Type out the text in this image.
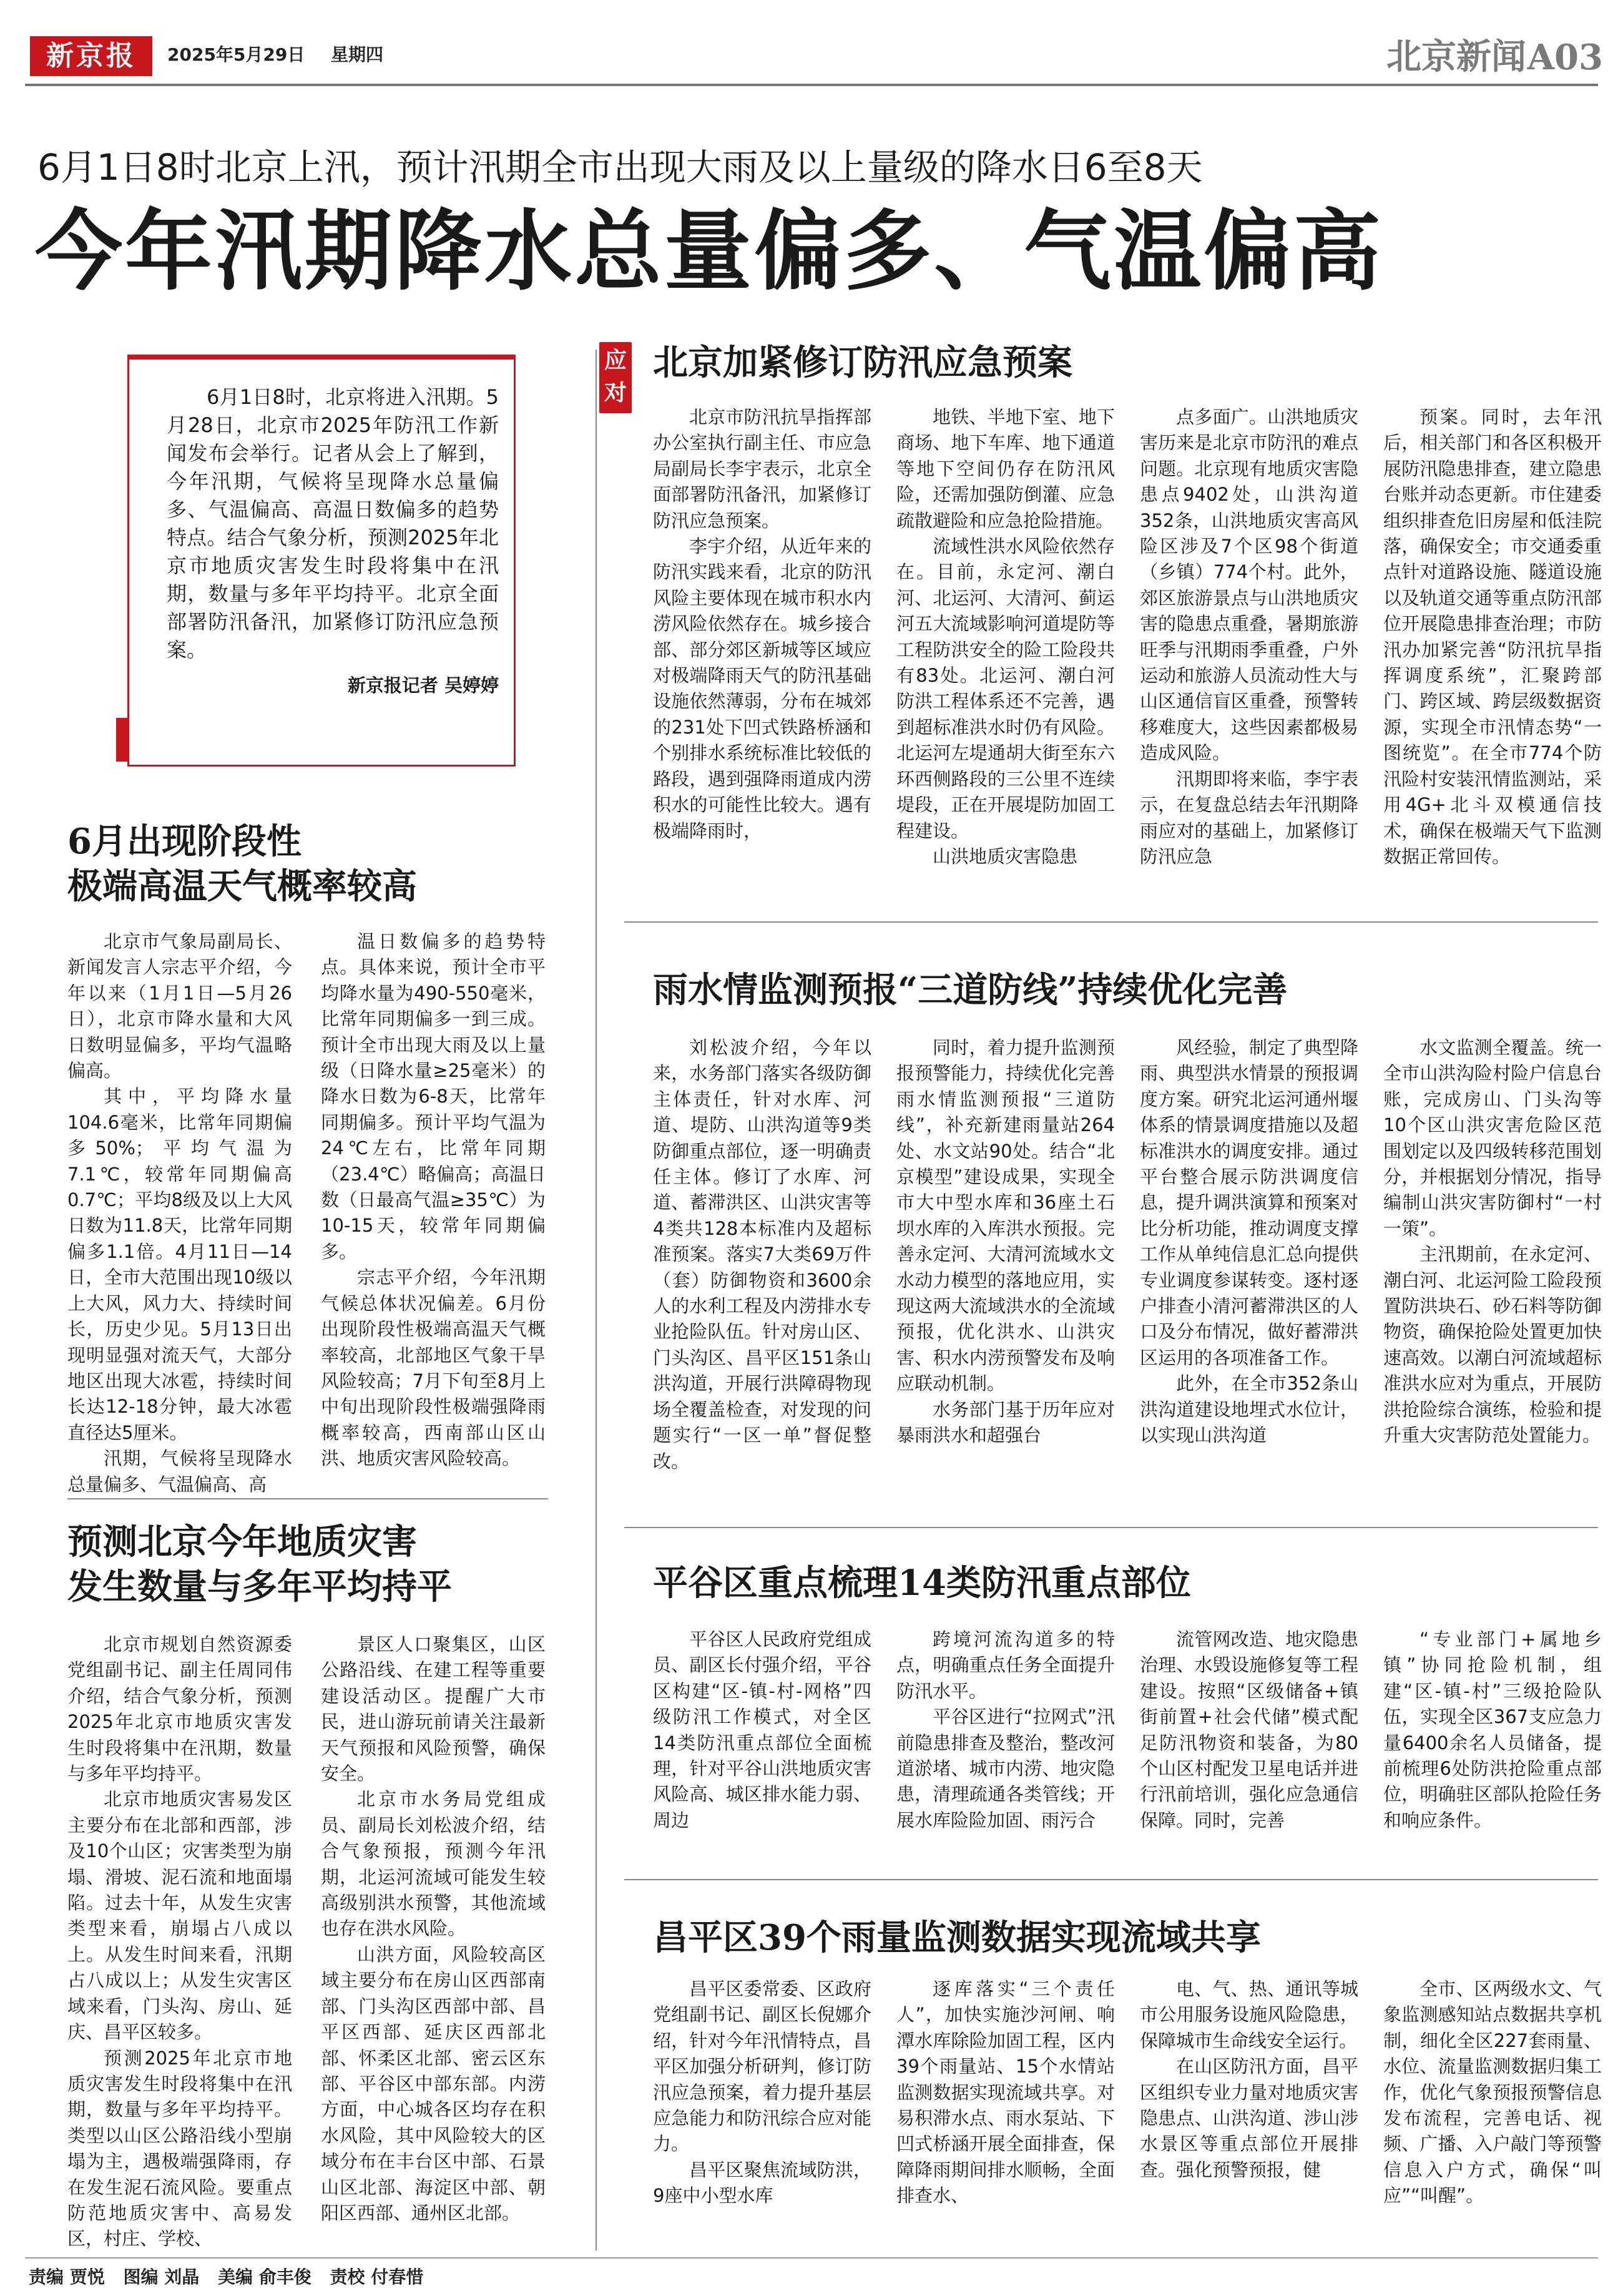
新京报	2025年5月29日 星期四	北京新闻 A03
6月1日8时北京上汛，预计汛期全市出现大雨及以上量级的降水日6至8天
今年汛期降水总量偏多、气温偏高
6月1日8时，北京将进入汛期。5月28日，北京市2025年防汛工作新闻发布会举行。记者从会上了解到，今年汛期，气候将呈现降水总量偏多、气温偏高、高温日数偏多的趋势特点。结合气象分析，预测2025年北京市地质灾害发生时段将集中在汛期，数量与多年平均持平。北京全面部署防汛备汛，加紧修订防汛应急预案。
新京报记者 吴婷婷
应对
6月出现阶段性
极端高温天气概率较高

北京市气象局副局长、新闻发言人宗志平介绍，今年以来（1月1日—5月26日），北京市降水量和大风日数明显偏多，平均气温略偏高。

其中，平均降水量104.6毫米，比常年同期偏多50%；平均气温为7.1℃，较常年同期偏高0.7℃；平均8级及以上大风日数为11.8天，比常年同期偏多1.1倍。4月11日—14日，全市大范围出现10级以上大风，风力大、持续时间长，历史少见。5月13日出现明显强对流天气，大部分地区出现大冰雹，持续时间长达12-18分钟，最大冰雹直径达5厘米。

汛期，气候将呈现降水总量偏多、气温偏高、高

温日数偏多的趋势特点。具体来说，预计全市平均降水量为490-550毫米，比常年同期偏多一到三成。预计全市出现大雨及以上量级（日降水量≥25毫米）的降水日数为6-8天，比常年同期偏多。预计平均气温为24℃左右，比常年同期（23.4℃）略偏高；高温日数（日最高气温≥35℃）为10-15天，较常年同期偏多。

宗志平介绍，今年汛期气候总体状况偏差。6月份出现阶段性极端高温天气概率较高，北部地区气象干旱风险较高；7月下旬至8月上中旬出现阶段性极端强降雨概率较高，西南部山区山洪、地质灾害风险较高。

预测北京今年地质灾害
发生数量与多年平均持平

北京市规划自然资源委党组副书记、副主任周同伟介绍，结合气象分析，预测2025年北京市地质灾害发生时段将集中在汛期，数量与多年平均持平。

北京市地质灾害易发区主要分布在北部和西部，涉及10个山区；灾害类型为崩塌、滑坡、泥石流和地面塌陷。过去十年，从发生灾害类型来看，崩塌占八成以上。从发生时间来看，汛期占八成以上；从发生灾害区域来看，门头沟、房山、延庆、昌平区较多。

预测2025年北京市地质灾害发生时段将集中在汛期，数量与多年平均持平。类型以山区公路沿线小型崩塌为主，遇极端强降雨，存在发生泥石流风险。要重点防范地质灾害中、高易发区，村庄、学校、

景区人口聚集区，山区公路沿线、在建工程等重要建设活动区。提醒广大市民，进山游玩前请关注最新天气预报和风险预警，确保安全。

北京市水务局党组成员、副局长刘松波介绍，结合气象预报，预测今年汛期，北运河流域可能发生较高级别洪水预警，其他流域也存在洪水风险。

山洪方面，风险较高区域主要分布在房山区西部南部、门头沟区西部中部、昌平区西部、延庆区西部北部、怀柔区北部、密云区东部、平谷区中部东部。内涝方面，中心城各区均存在积水风险，其中风险较大的区域分布在丰台区中部、石景山区北部、海淀区中部、朝阳区西部、通州区北部。

北京加紧修订防汛应急预案

北京市防汛抗旱指挥部办公室执行副主任、市应急局副局长李宇表示，北京全面部署防汛备汛，加紧修订防汛应急预案。

李宇介绍，从近年来的防汛实践来看，北京的防汛风险主要体现在城市积水内涝风险依然存在。城乡接合部、部分郊区新城等区域应对极端降雨天气的防汛基础设施依然薄弱，分布在城郊的231处下凹式铁路桥涵和个别排水系统标准比较低的路段，遇到强降雨道成内涝积水的可能性比较大。遇有极端降雨时，

地铁、半地下室、地下商场、地下车库、地下通道等地下空间仍存在防汛风险，还需加强防倒灌、应急疏散避险和应急抢险措施。

流域性洪水风险依然存在。目前，永定河、潮白河、北运河、大清河、蓟运河五大流域影响河道堤防等工程防洪安全的险工险段共有83处。北运河、潮白河防洪工程体系还不完善，遇到超标准洪水时仍有风险。北运河左堤通胡大街至东六环西侧路段的三公里不连续堤段，正在开展堤防加固工程建设。

山洪地质灾害隐患

点多面广。山洪地质灾害历来是北京市防汛的难点问题。北京现有地质灾害隐患点9402处，山洪沟道352条，山洪地质灾害高风险区涉及7个区98个街道（乡镇）774个村。此外，郊区旅游景点与山洪地质灾害的隐患点重叠，暑期旅游旺季与汛期雨季重叠，户外运动和旅游人员流动性大与山区通信盲区重叠，预警转移难度大，这些因素都极易造成风险。

汛期即将来临，李宇表示，在复盘总结去年汛期降雨应对的基础上，加紧修订防汛应急

预案。同时，去年汛后，相关部门和各区积极开展防汛隐患排查，建立隐患台账并动态更新。市住建委组织排查危旧房屋和低洼院落，确保安全；市交通委重点针对道路设施、隧道设施以及轨道交通等重点防汛部位开展隐患排查治理；市防汛办加紧完善“防汛抗旱指挥调度系统”，汇聚跨部门、跨区域、跨层级数据资源，实现全市汛情态势“一图统览”。在全市774个防汛险村安装汛情监测站，采用4G+北斗双模通信技术，确保在极端天气下监测数据正常回传。

雨水情监测预报“三道防线”持续优化完善

刘松波介绍，今年以来，水务部门落实各级防御主体责任，针对水库、河道、堤防、山洪沟道等9类防御重点部位，逐一明确责任主体。修订了水库、河道、蓄滞洪区、山洪灾害等4类共128本标准内及超标准预案。落实7大类69万件（套）防御物资和3600余人的水利工程及内涝排水专业抢险队伍。针对房山区、门头沟区、昌平区151条山洪沟道，开展行洪障碍物现场全覆盖检查，对发现的问题实行“一区一单”督促整改。

同时，着力提升监测预报预警能力，持续优化完善雨水情监测预报“三道防线”，补充新建雨量站264处、水文站90处。结合“北京模型”建设成果，实现全市大中型水库和36座土石坝水库的入库洪水预报。完善永定河、大清河流域水文水动力模型的落地应用，实现这两大流域洪水的全流域预报，优化洪水、山洪灾害、积水内涝预警发布及响应联动机制。

水务部门基于历年应对暴雨洪水和超强台

风经验，制定了典型降雨、典型洪水情景的预报调度方案。研究北运河通州堰体系的情景调度措施以及超标准洪水的调度安排。通过平台整合展示防洪调度信息，提升调洪演算和预案对比分析功能，推动调度支撑工作从单纯信息汇总向提供专业调度参谋转变。逐村逐户排查小清河蓄滞洪区的人口及分布情况，做好蓄滞洪区运用的各项准备工作。

此外，在全市352条山洪沟道建设地埋式水位计，以实现山洪沟道

水文监测全覆盖。统一全市山洪沟险村险户信息台账，完成房山、门头沟等10个区山洪灾害危险区范围划定以及四级转移范围划分，并根据划分情况，指导编制山洪灾害防御村“一村一策”。

主汛期前，在永定河、潮白河、北运河险工险段预置防洪块石、砂石料等防御物资，确保抢险处置更加快速高效。以潮白河流域超标准洪水应对为重点，开展防洪抢险综合演练，检验和提升重大灾害防范处置能力。

平谷区重点梳理14类防汛重点部位

平谷区人民政府党组成员、副区长付强介绍，平谷区构建“区-镇-村-网格”四级防汛工作模式，对全区14类防汛重点部位全面梳理，针对平谷山洪地质灾害风险高、城区排水能力弱、周边

跨境河流沟道多的特点，明确重点任务全面提升防汛水平。

平谷区进行“拉网式”汛前隐患排查及整治，整改河道淤堵、城市内涝、地灾隐患，清理疏通各类管线；开展水库险险加固、雨污合

流管网改造、地灾隐患治理、水毁设施修复等工程建设。按照“区级储备+镇街前置+社会代储”模式配足防汛物资和装备，为80个山区村配发卫星电话并进行汛前培训，强化应急通信保障。同时，完善

“专业部门+属地乡镇”协同抢险机制，组建“区-镇-村”三级抢险队伍，实现全区367支应急力量6400余名人员储备，提前梳理6处防洪抢险重点部位，明确驻区部队抢险任务和响应条件。

昌平区39个雨量监测数据实现流域共享

昌平区委常委、区政府党组副书记、副区长倪娜介绍，针对今年汛情特点，昌平区加强分析研判，修订防汛应急预案，着力提升基层应急能力和防汛综合应对能力。

昌平区聚焦流域防洪，9座中小型水库

逐库落实“三个责任人”，加快实施沙河闸、响潭水库除险加固工程，区内39个雨量站、15个水情站监测数据实现流域共享。对易积滞水点、雨水泵站、下凹式桥涵开展全面排查，保障降雨期间排水顺畅，全面排查水、

电、气、热、通讯等城市公用服务设施风险隐患，保障城市生命线安全运行。

在山区防汛方面，昌平区组织专业力量对地质灾害隐患点、山洪沟道、涉山涉水景区等重点部位开展排查。强化预警预报，健

全市、区两级水文、气象监测感知站点数据共享机制，细化全区227套雨量、水位、流量监测数据归集工作，优化气象预报预警信息发布流程，完善电话、视频、广播、入户敲门等预警信息入户方式，确保“叫应”“叫醒”。

责编 贾悦 图编 刘晶 美编 俞丰俊 责校 付春惜
